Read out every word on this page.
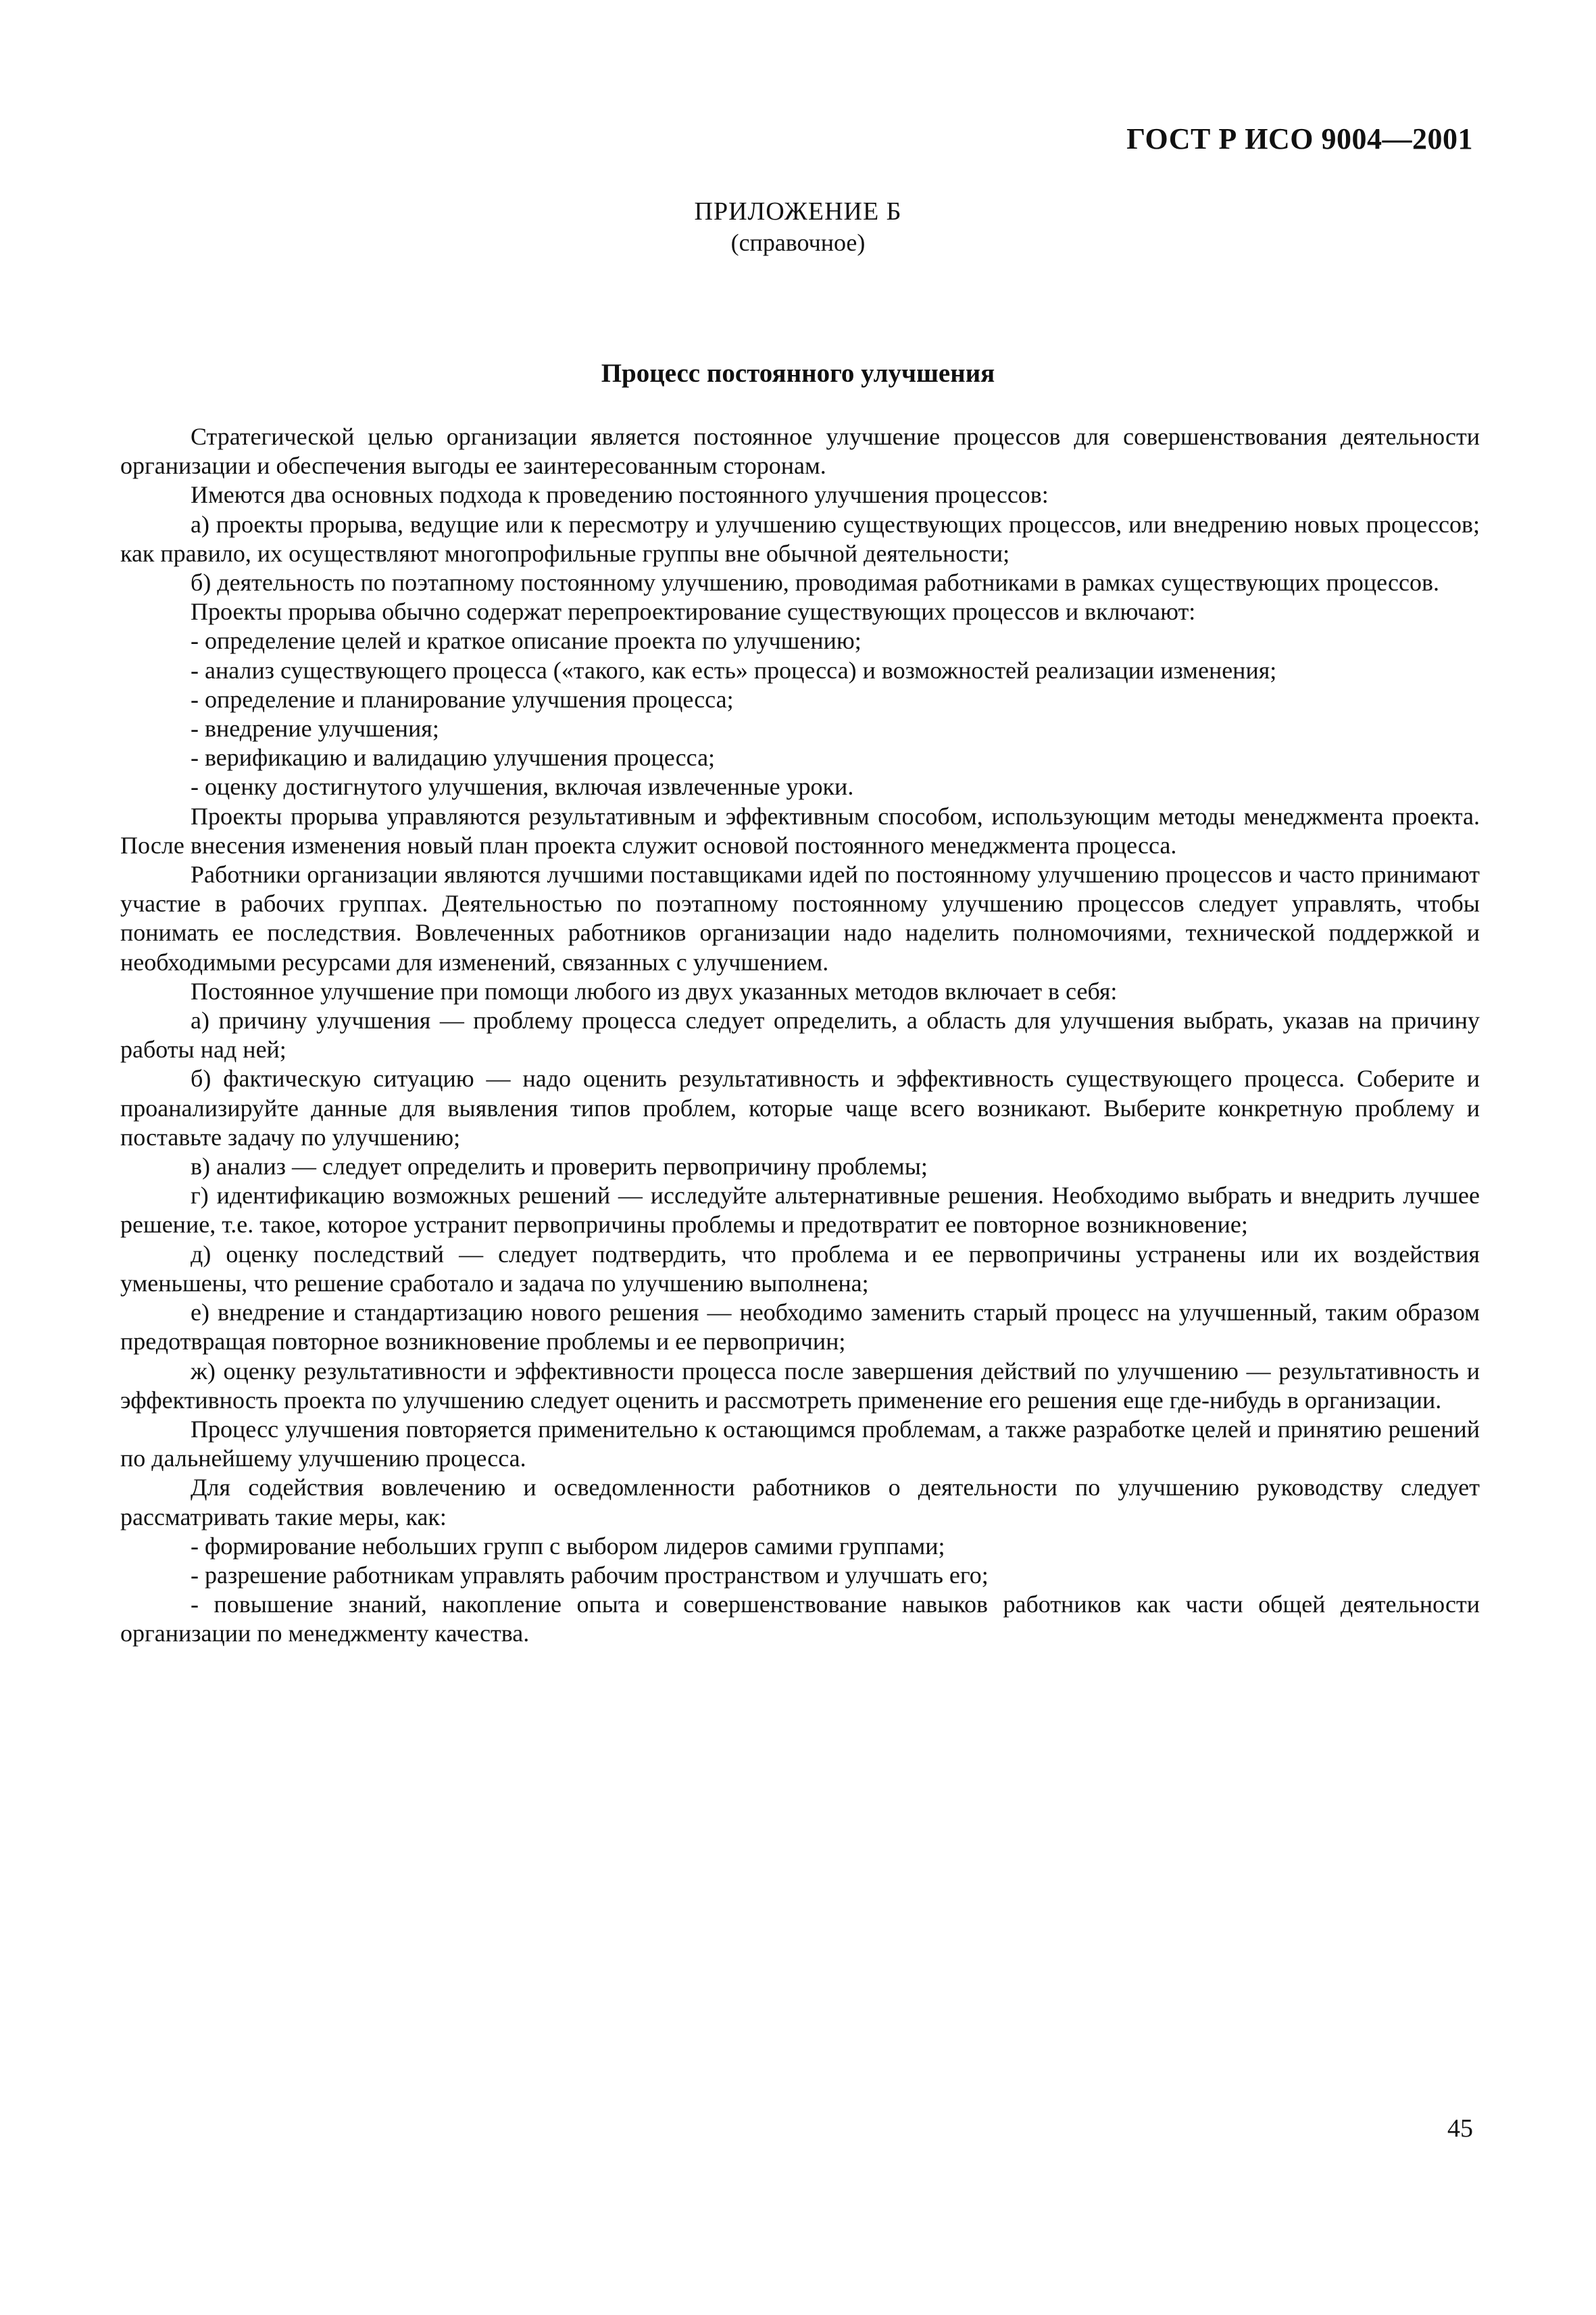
ГОСТ Р ИСО 9004—2001
ПРИЛОЖЕНИЕ Б
(справочное)
Процесс постоянного улучшения

Стратегической целью организации является постоянное улучшение процессов для совершенствования деятельности организации и обеспечения выгоды ее заинтересованным сторонам.

Имеются два основных подхода к проведению постоянного улучшения процессов:

а) проекты прорыва, ведущие или к пересмотру и улучшению существующих процессов, или внедрению новых процессов; как правило, их осуществляют многопрофильные группы вне обычной деятельности;

б) деятельность по поэтапному постоянному улучшению, проводимая работниками в рамках существующих процессов.

Проекты прорыва обычно содержат перепроектирование существующих процессов и включают:

- определение целей и краткое описание проекта по улучшению;

- анализ существующего процесса («такого, как есть» процесса) и возможностей реализации изменения;

- определение и планирование улучшения процесса;

- внедрение улучшения;

- верификацию и валидацию улучшения процесса;

- оценку достигнутого улучшения, включая извлеченные уроки.

Проекты прорыва управляются результативным и эффективным способом, использующим методы менеджмента проекта. После внесения изменения новый план проекта служит основой постоянного менеджмента процесса.

Работники организации являются лучшими поставщиками идей по постоянному улучшению процессов и часто принимают участие в рабочих группах. Деятельностью по поэтапному постоянному улучшению процессов следует управлять, чтобы понимать ее последствия. Вовлеченных работников организации надо наделить полномочиями, технической поддержкой и необходимыми ресурсами для изменений, связанных с улучшением.

Постоянное улучшение при помощи любого из двух указанных методов включает в себя:

а) причину улучшения — проблему процесса следует определить, а область для улучшения выбрать, указав на причину работы над ней;

б) фактическую ситуацию — надо оценить результативность и эффективность существующего процесса. Соберите и проанализируйте данные для выявления типов проблем, которые чаще всего возникают. Выберите конкретную проблему и поставьте задачу по улучшению;

в) анализ — следует определить и проверить первопричину проблемы;

г) идентификацию возможных решений — исследуйте альтернативные решения. Необходимо выбрать и внедрить лучшее решение, т.е. такое, которое устранит первопричины проблемы и предотвратит ее повторное возникновение;

д) оценку последствий — следует подтвердить, что проблема и ее первопричины устранены или их воздействия уменьшены, что решение сработало и задача по улучшению выполнена;

е) внедрение и стандартизацию нового решения — необходимо заменить старый процесс на улучшенный, таким образом предотвращая повторное возникновение проблемы и ее первопричин;

ж) оценку результативности и эффективности процесса после завершения действий по улучшению — результативность и эффективность проекта по улучшению следует оценить и рассмотреть применение его решения еще где-нибудь в организации.

Процесс улучшения повторяется применительно к остающимся проблемам, а также разработке целей и принятию решений по дальнейшему улучшению процесса.

Для содействия вовлечению и осведомленности работников о деятельности по улучшению руководству следует рассматривать такие меры, как:

- формирование небольших групп с выбором лидеров самими группами;

- разрешение работникам управлять рабочим пространством и улучшать его;

- повышение знаний, накопление опыта и совершенствование навыков работников как части общей деятельности организации по менеджменту качества.

45
